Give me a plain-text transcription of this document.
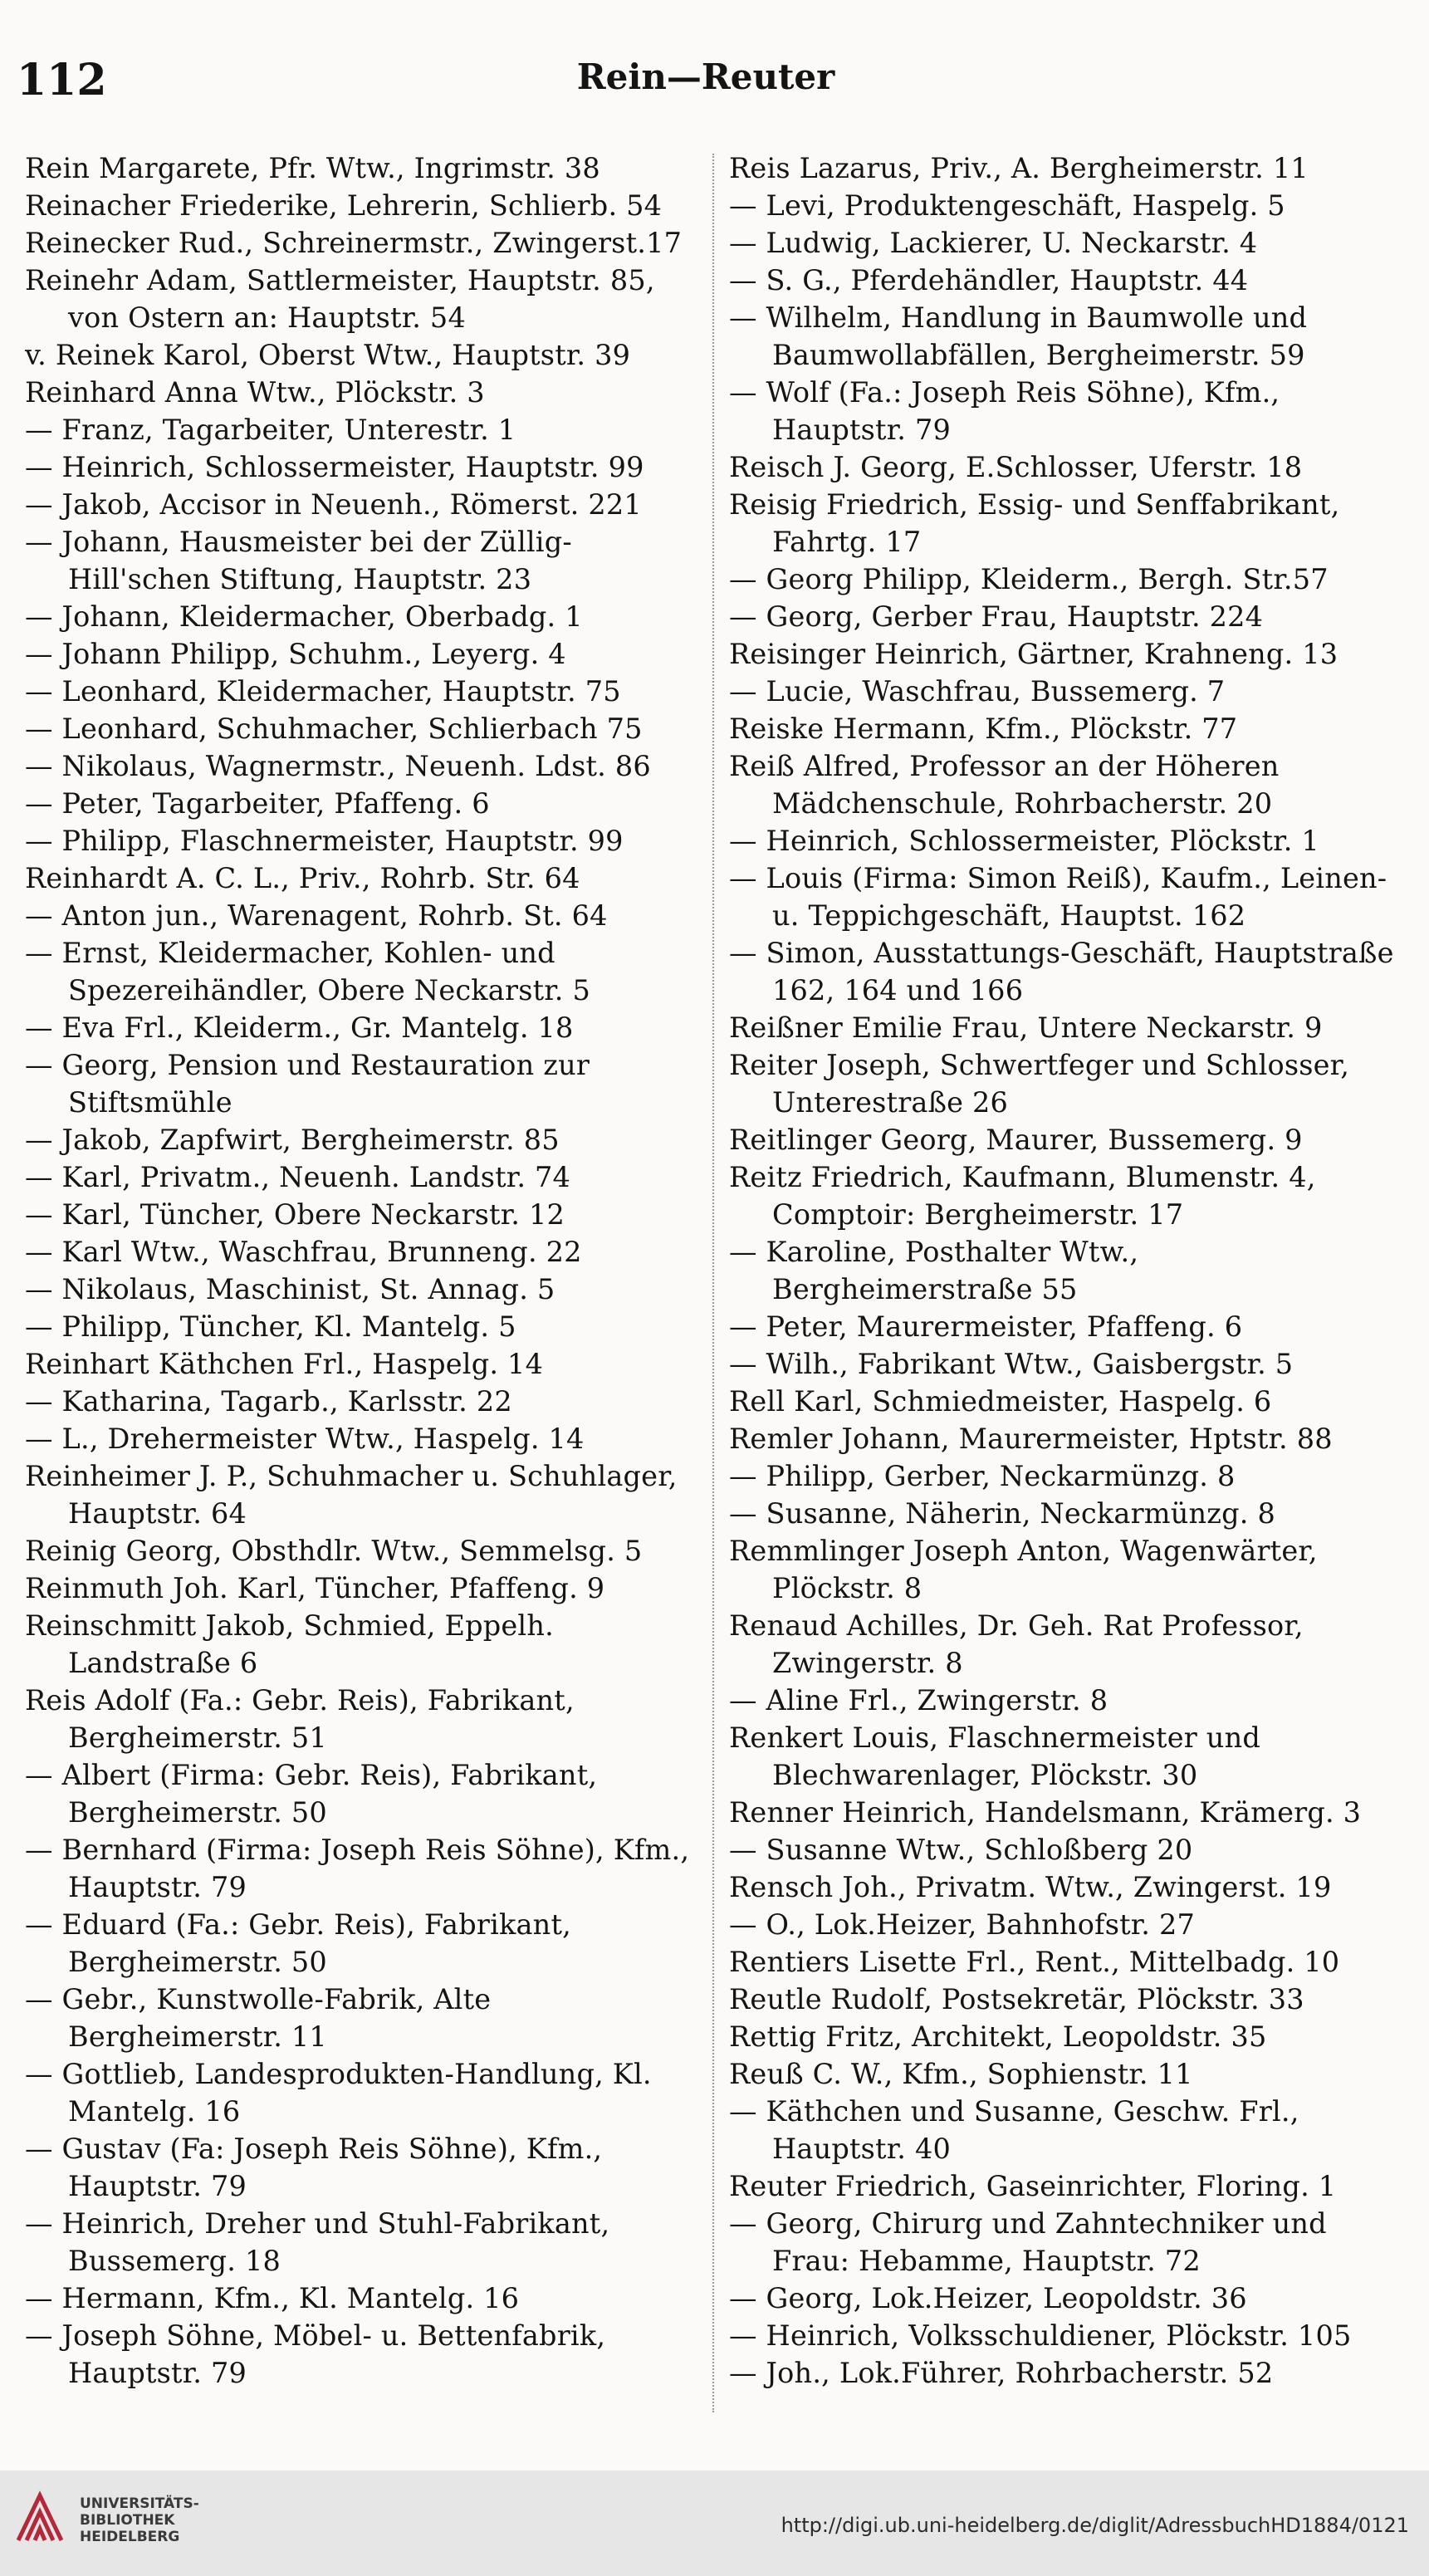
112	Rein—Reuter

Rein Margarete, Pfr. Wtw., Ingrimstr. 38

Reinacher Friederike, Lehrerin, Schlierb. 54

Reinecker Rud., Schreinermstr., Zwingerst.17

Reinehr Adam, Sattlermeister, Hauptstr. 85, von Ostern an: Hauptstr. 54

v. Reinek Karol, Oberst Wtw., Hauptstr. 39

Reinhard Anna Wtw., Plöckstr. 3

— Franz, Tagarbeiter, Unterestr. 1

— Heinrich, Schlossermeister, Hauptstr. 99

— Jakob, Accisor in Neuenh., Römerst. 221

— Johann, Hausmeister bei der Züllig-Hill'schen Stiftung, Hauptstr. 23

— Johann, Kleidermacher, Oberbadg. 1

— Johann Philipp, Schuhm., Leyerg. 4

— Leonhard, Kleidermacher, Hauptstr. 75

— Leonhard, Schuhmacher, Schlierbach 75

— Nikolaus, Wagnermstr., Neuenh. Ldst. 86

— Peter, Tagarbeiter, Pfaffeng. 6

— Philipp, Flaschnermeister, Hauptstr. 99

Reinhardt A. C. L., Priv., Rohrb. Str. 64

— Anton jun., Warenagent, Rohrb. St. 64

— Ernst, Kleidermacher, Kohlen- und Spezereihändler, Obere Neckarstr. 5

— Eva Frl., Kleiderm., Gr. Mantelg. 18

— Georg, Pension und Restauration zur Stiftsmühle

— Jakob, Zapfwirt, Bergheimerstr. 85

— Karl, Privatm., Neuenh. Landstr. 74

— Karl, Tüncher, Obere Neckarstr. 12

— Karl Wtw., Waschfrau, Brunneng. 22

— Nikolaus, Maschinist, St. Annag. 5

— Philipp, Tüncher, Kl. Mantelg. 5

Reinhart Käthchen Frl., Haspelg. 14

— Katharina, Tagarb., Karlsstr. 22

— L., Drehermeister Wtw., Haspelg. 14

Reinheimer J. P., Schuhmacher u. Schuhlager, Hauptstr. 64

Reinig Georg, Obsthdlr. Wtw., Semmelsg. 5

Reinmuth Joh. Karl, Tüncher, Pfaffeng. 9

Reinschmitt Jakob, Schmied, Eppelh. Landstraße 6

Reis Adolf (Fa.: Gebr. Reis), Fabrikant, Bergheimerstr. 51

— Albert (Firma: Gebr. Reis), Fabrikant, Bergheimerstr. 50

— Bernhard (Firma: Joseph Reis Söhne), Kfm., Hauptstr. 79

— Eduard (Fa.: Gebr. Reis), Fabrikant, Bergheimerstr. 50

— Gebr., Kunstwolle-Fabrik, Alte Bergheimerstr. 11

— Gottlieb, Landesprodukten-Handlung, Kl. Mantelg. 16

— Gustav (Fa: Joseph Reis Söhne), Kfm., Hauptstr. 79

— Heinrich, Dreher und Stuhl-Fabrikant, Bussemerg. 18

— Hermann, Kfm., Kl. Mantelg. 16

— Joseph Söhne, Möbel- u. Bettenfabrik, Hauptstr. 79

Reis Lazarus, Priv., A. Bergheimerstr. 11

— Levi, Produktengeschäft, Haspelg. 5

— Ludwig, Lackierer, U. Neckarstr. 4

— S. G., Pferdehändler, Hauptstr. 44

— Wilhelm, Handlung in Baumwolle und Baumwollabfällen, Bergheimerstr. 59

— Wolf (Fa.: Joseph Reis Söhne), Kfm., Hauptstr. 79

Reisch J. Georg, E.Schlosser, Uferstr. 18

Reisig Friedrich, Essig- und Senffabrikant, Fahrtg. 17

— Georg Philipp, Kleiderm., Bergh. Str.57

— Georg, Gerber Frau, Hauptstr. 224

Reisinger Heinrich, Gärtner, Krahneng. 13

— Lucie, Waschfrau, Bussemerg. 7

Reiske Hermann, Kfm., Plöckstr. 77

Reiß Alfred, Professor an der Höheren Mädchenschule, Rohrbacherstr. 20

— Heinrich, Schlossermeister, Plöckstr. 1

— Louis (Firma: Simon Reiß), Kaufm., Leinen- u. Teppichgeschäft, Hauptst. 162

— Simon, Ausstattungs-Geschäft, Hauptstraße 162, 164 und 166

Reißner Emilie Frau, Untere Neckarstr. 9

Reiter Joseph, Schwertfeger und Schlosser, Unterestraße 26

Reitlinger Georg, Maurer, Bussemerg. 9

Reitz Friedrich, Kaufmann, Blumenstr. 4, Comptoir: Bergheimerstr. 17

— Karoline, Posthalter Wtw., Bergheimerstraße 55

— Peter, Maurermeister, Pfaffeng. 6

— Wilh., Fabrikant Wtw., Gaisbergstr. 5

Rell Karl, Schmiedmeister, Haspelg. 6

Remler Johann, Maurermeister, Hptstr. 88

— Philipp, Gerber, Neckarmünzg. 8

— Susanne, Näherin, Neckarmünzg. 8

Remmlinger Joseph Anton, Wagenwärter, Plöckstr. 8

Renaud Achilles, Dr. Geh. Rat Professor, Zwingerstr. 8

— Aline Frl., Zwingerstr. 8

Renkert Louis, Flaschnermeister und Blechwarenlager, Plöckstr. 30

Renner Heinrich, Handelsmann, Krämerg. 3

— Susanne Wtw., Schloßberg 20

Rensch Joh., Privatm. Wtw., Zwingerst. 19

— O., Lok.Heizer, Bahnhofstr. 27

Rentiers Lisette Frl., Rent., Mittelbadg. 10

Reutle Rudolf, Postsekretär, Plöckstr. 33

Rettig Fritz, Architekt, Leopoldstr. 35

Reuß C. W., Kfm., Sophienstr. 11

— Käthchen und Susanne, Geschw. Frl., Hauptstr. 40

Reuter Friedrich, Gaseinrichter, Floring. 1

— Georg, Chirurg und Zahntechniker und Frau: Hebamme, Hauptstr. 72

— Georg, Lok.Heizer, Leopoldstr. 36

— Heinrich, Volksschuldiener, Plöckstr. 105

— Joh., Lok.Führer, Rohrbacherstr. 52

UNIVERSITÄTS-
BIBLIOTHEK
HEIDELBERG	http://digi.ub.uni-heidelberg.de/diglit/AdressbuchHD1884/0121
